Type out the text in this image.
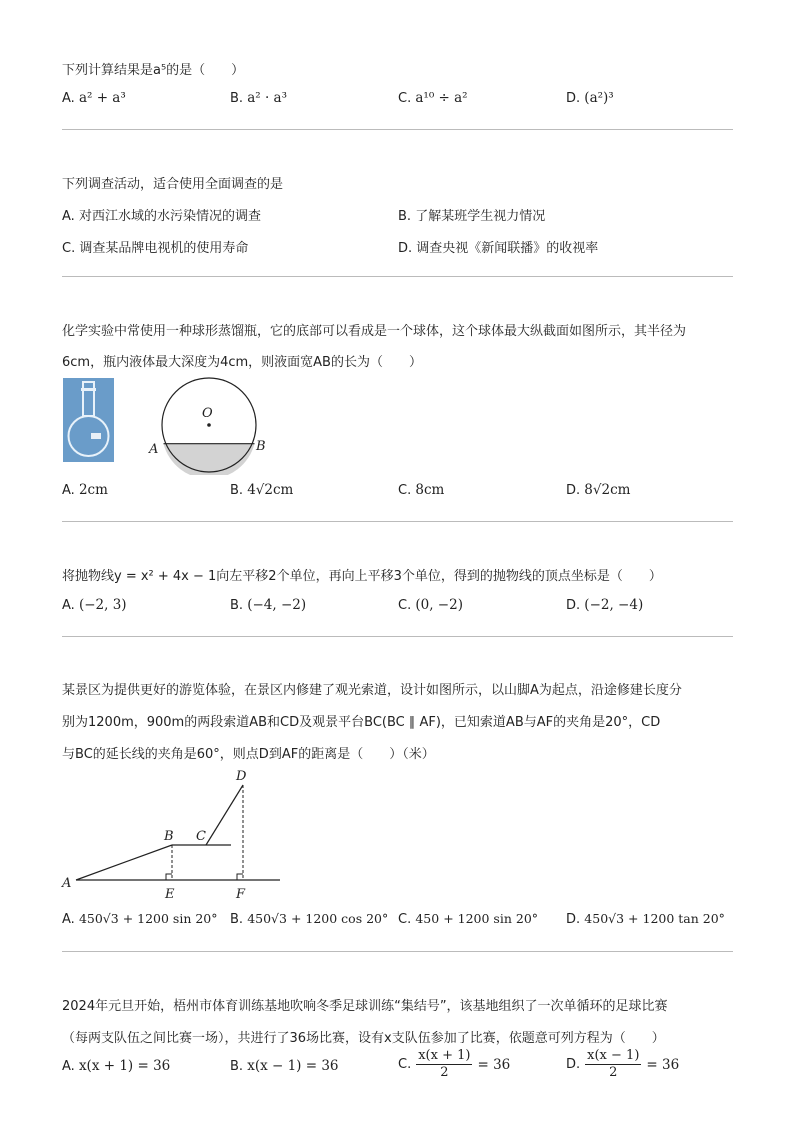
下列计算结果是a⁵的是（　　）
A. a² + a³	B. a² · a³	C. a¹⁰ ÷ a²	D. (a²)³
下列调查活动，适合使用全面调查的是
A. 对西江水域的水污染情况的调查	B. 了解某班学生视力情况
C. 调查某品牌电视机的使用寿命	D. 调查央视《新闻联播》的收视率
化学实验中常使用一种球形蒸馏瓶，它的底部可以看成是一个球体，这个球体最大纵截面如图所示，其半径为
6cm，瓶内液体最大深度为4cm，则液面宽AB的长为（　　）
O
A	B
A. 2cm	B. 4√2cm	C. 8cm	D. 8√2cm
将抛物线y = x² + 4x − 1向左平移2个单位，再向上平移3个单位，得到的抛物线的顶点坐标是（　　）
A. (−2, 3)	B. (−4, −2)	C. (0, −2)	D. (−2, −4)
某景区为提供更好的游览体验，在景区内修建了观光索道，设计如图所示，以山脚A为起点，沿途修建长度分
别为1200m，900m的两段索道AB和CD及观景平台BC(BC ∥ AF)，已知索道AB与AF的夹角是20°，CD
与BC的延长线的夹角是60°，则点D到AF的距离是（　　）（米）
A
B C
D
E	F
A. 450√3 + 1200 sin 20° B. 450√3 + 1200 cos 20° C. 450 + 1200 sin 20° D. 450√3 + 1200 tan 20°
2024年元旦开始，梧州市体育训练基地吹响冬季足球训练“集结号”，该基地组织了一次单循环的足球比赛
（每两支队伍之间比赛一场），共进行了36场比赛，设有x支队伍参加了比赛，依题意可列方程为（　　）
A. x(x + 1) = 36	B. x(x − 1) = 36	C. $\frac{x(x + 1)}{2} = 36$	D. $\frac{x(x - 1)}{2} = 36$
